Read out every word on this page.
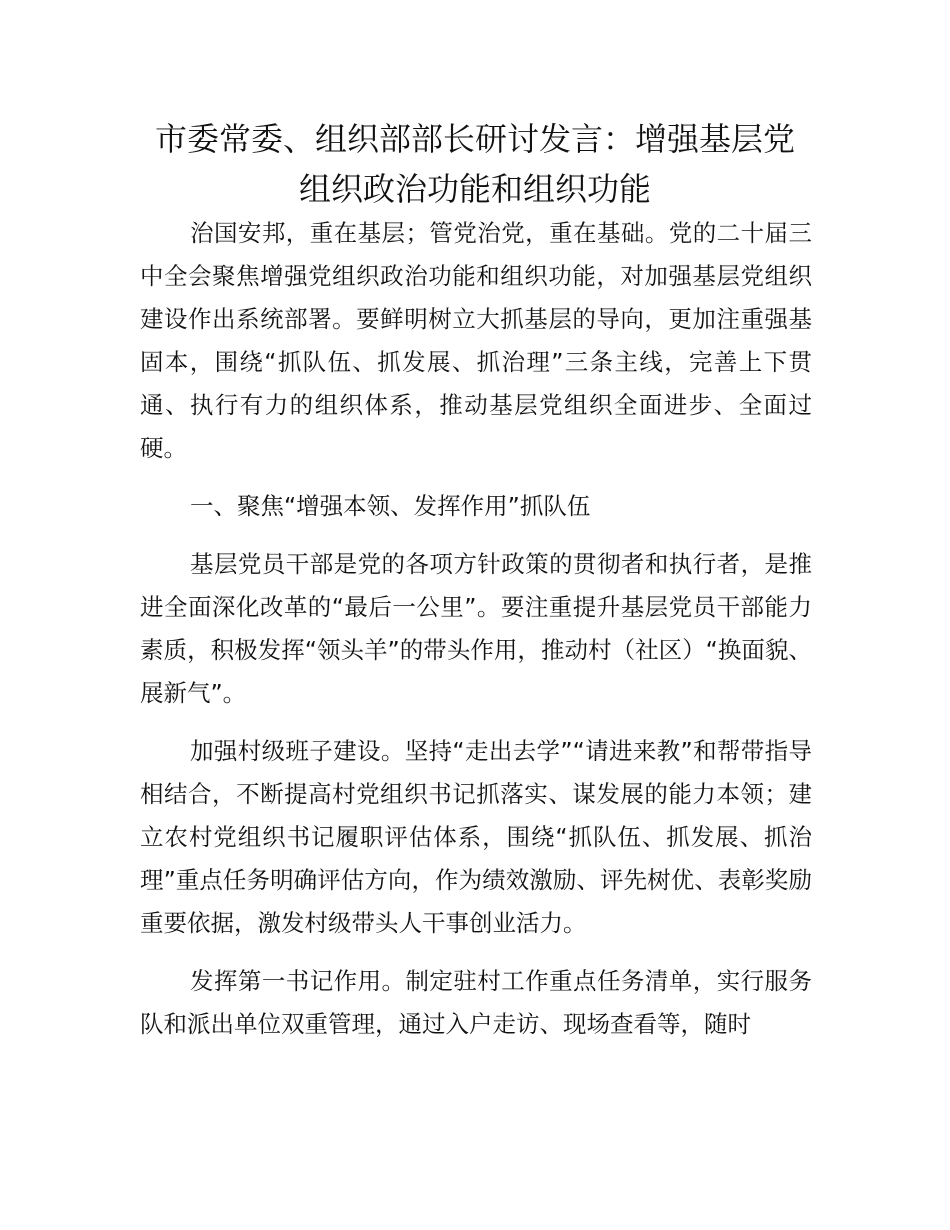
市委常委、组织部部长研讨发言：增强基层党
组织政治功能和组织功能

治国安邦，重在基层；管党治党，重在基础。党的二十届三中全会聚焦增强党组织政治功能和组织功能，对加强基层党组织建设作出系统部署。要鲜明树立大抓基层的导向，更加注重强基固本，围绕“抓队伍、抓发展、抓治理”三条主线，完善上下贯通、执行有力的组织体系，推动基层党组织全面进步、全面过硬。

一、聚焦“增强本领、发挥作用”抓队伍

基层党员干部是党的各项方针政策的贯彻者和执行者，是推进全面深化改革的“最后一公里”。要注重提升基层党员干部能力素质，积极发挥“领头羊”的带头作用，推动村（社区）“换面貌、展新气”。

加强村级班子建设。坚持“走出去学”“请进来教”和帮带指导相结合，不断提高村党组织书记抓落实、谋发展的能力本领；建立农村党组织书记履职评估体系，围绕“抓队伍、抓发展、抓治理”重点任务明确评估方向，作为绩效激励、评先树优、表彰奖励重要依据，激发村级带头人干事创业活力。

发挥第一书记作用。制定驻村工作重点任务清单，实行服务队和派出单位双重管理，通过入户走访、现场查看等，随时
